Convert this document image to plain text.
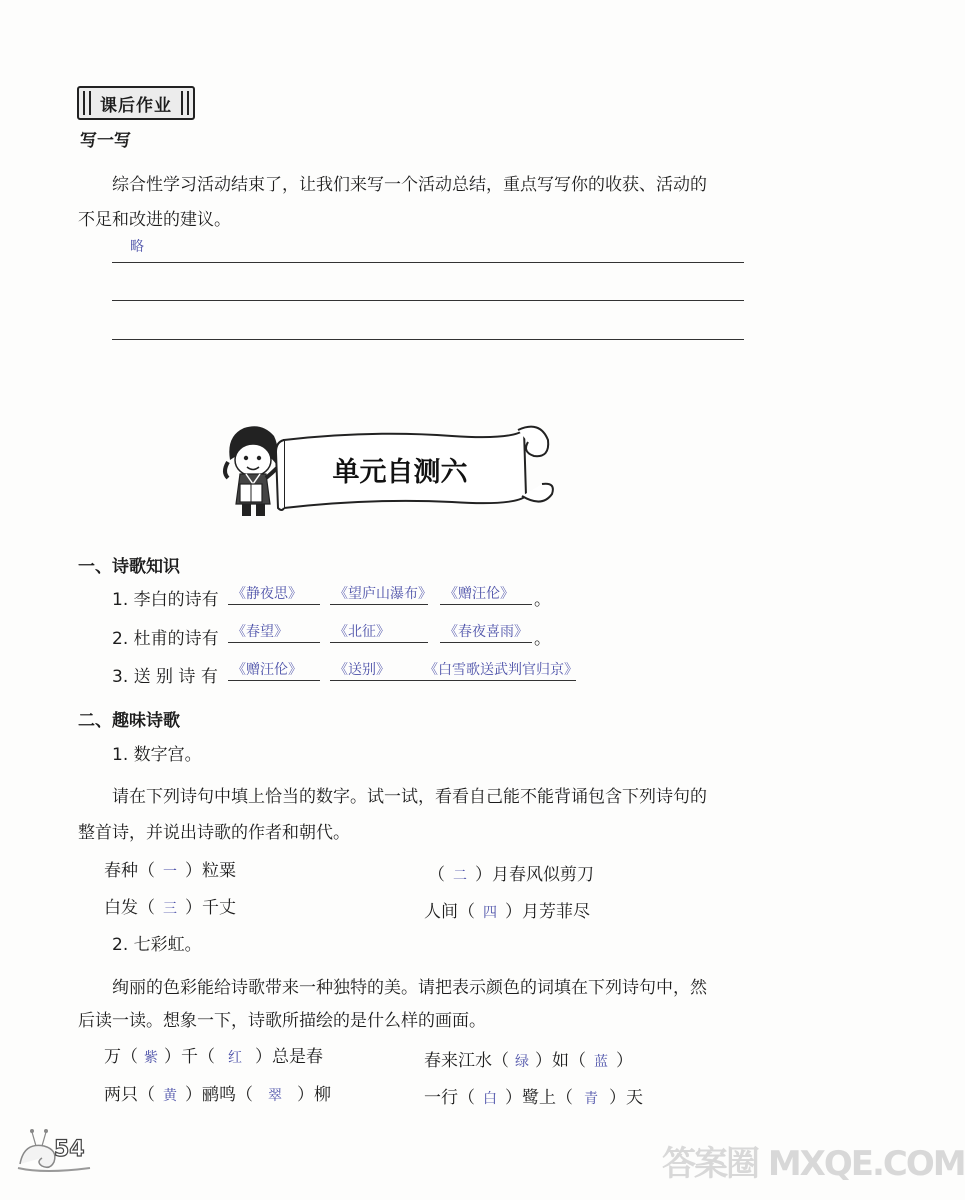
课后作业
写一写
综合性学习活动结束了，让我们来写一个活动总结，重点写写你的收获、活动的
不足和改进的建议。
略
单元自测六
一、诗歌知识
1. 李白的诗有 《静夜思》 《望庐山瀑布》 《赠汪伦》 。
2. 杜甫的诗有 《春望》	《北征》	《春夜喜雨》 。
3. 送 别 诗 有 《赠汪伦》 《送别》 《白雪歌送武判官归京》
二、趣味诗歌
1. 数字宫。
请在下列诗句中填上恰当的数字。试一试，看看自己能不能背诵包含下列诗句的
整首诗，并说出诗歌的作者和朝代。
春种（ 一 ）粒粟	（ 二 ）月春风似剪刀
白发（ 三 ）千丈	人间（ 四 ）月芳菲尽
2. 七彩虹。
绚丽的色彩能给诗歌带来一种独特的美。请把表示颜色的词填在下列诗句中，然
后读一读。想象一下，诗歌所描绘的是什么样的画面。
万（ 紫 ）千（ 红 ）总是春	春来江水（ 绿 ）如（ 蓝 ）
两只（ 黄 ）鹂鸣（ 翠 ）柳	一行（ 白 ）鹭上（ 青 ）天
54	答案圈 MXQE.COM
